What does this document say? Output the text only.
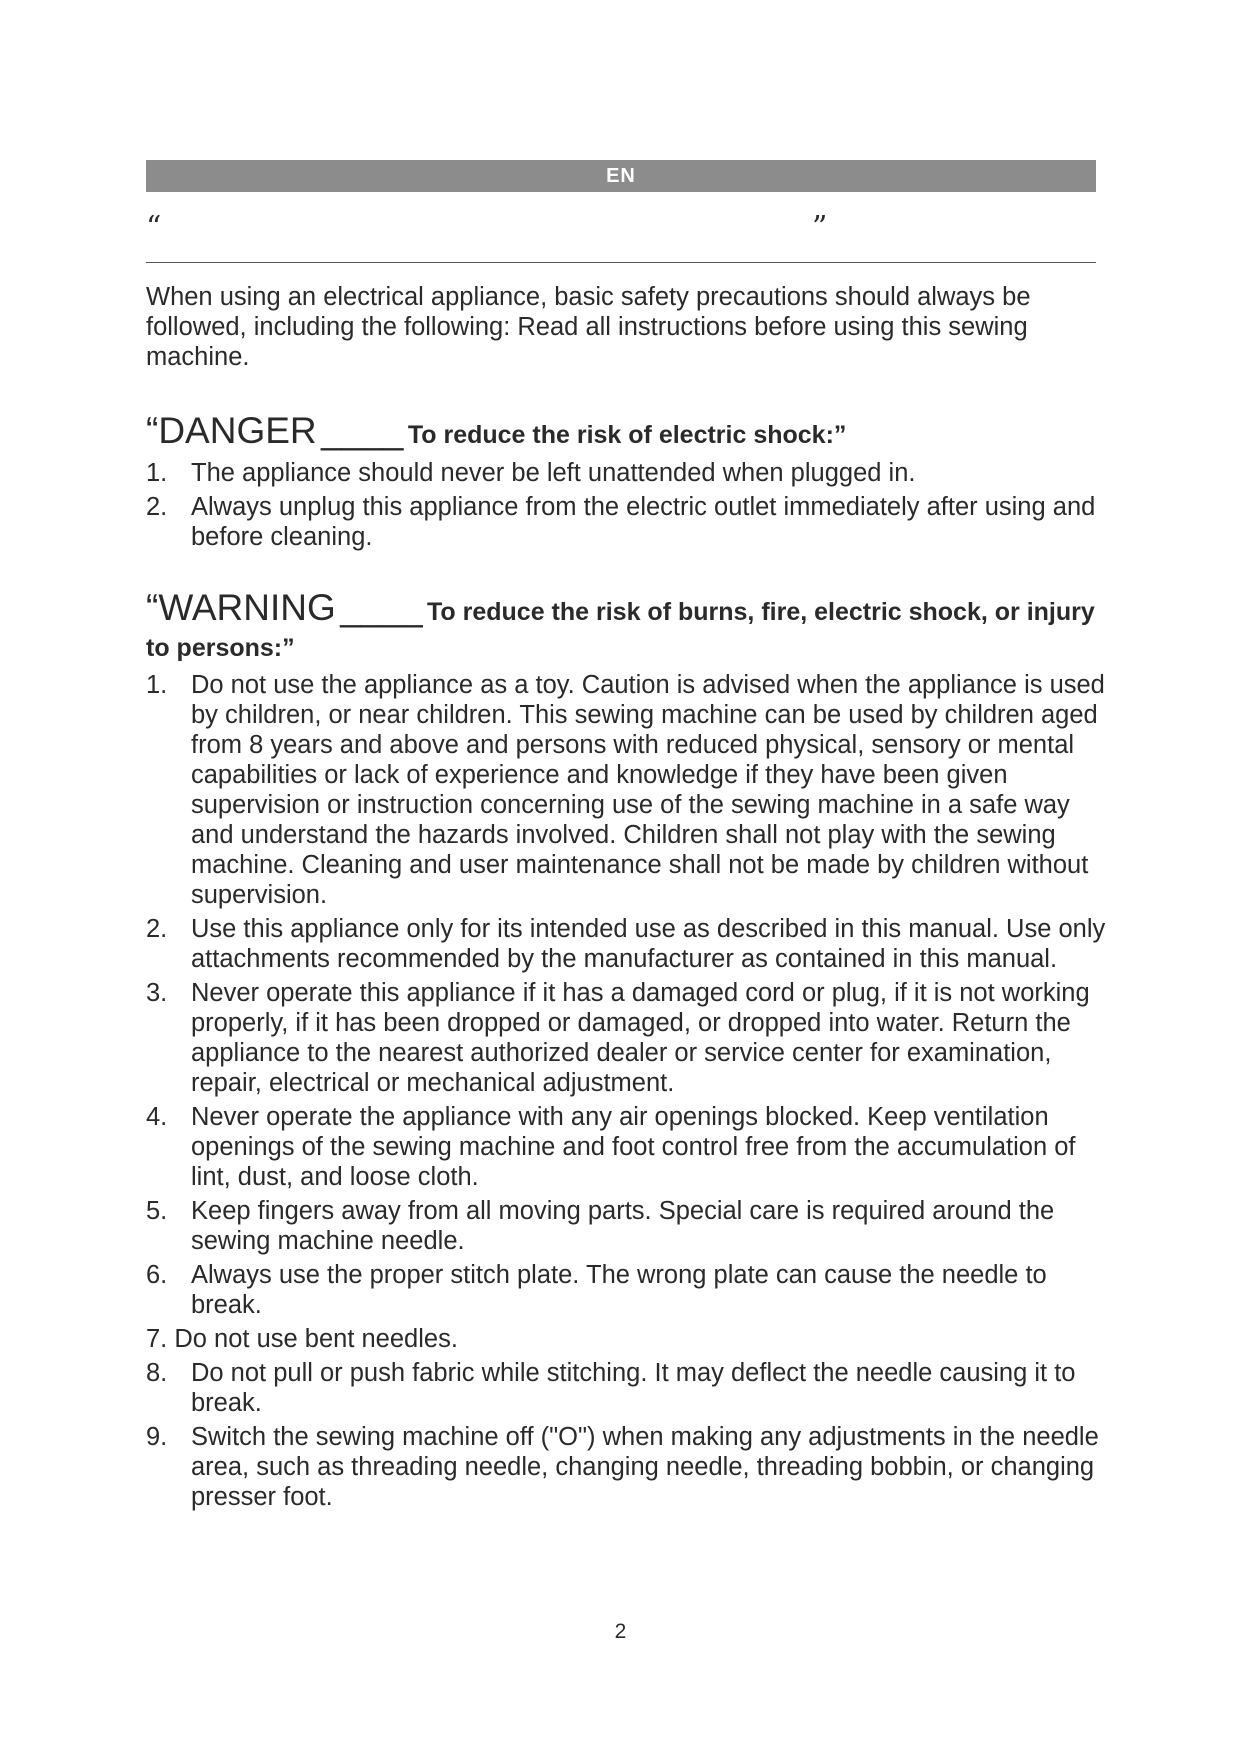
EN
“	”

When using an electrical appliance, basic safety precautions should always be followed, including the following: Read all instructions before using this sewing machine.

“DANGER ____ To reduce the risk of electric shock:”
1. The appliance should never be left unattended when plugged in.
2. Always unplug this appliance from the electric outlet immediately after using and before cleaning.
“WARNING ____ To reduce the risk of burns, fire, electric shock, or injury to persons:”
1. Do not use the appliance as a toy. Caution is advised when the appliance is used by children, or near children. This sewing machine can be used by children aged from 8 years and above and persons with reduced physical, sensory or mental capabilities or lack of experience and knowledge if they have been given supervision or instruction concerning use of the sewing machine in a safe way and understand the hazards involved. Children shall not play with the sewing machine. Cleaning and user maintenance shall not be made by children without supervision.
2. Use this appliance only for its intended use as described in this manual. Use only attachments recommended by the manufacturer as contained in this manual.
3. Never operate this appliance if it has a damaged cord or plug, if it is not working properly, if it has been dropped or damaged, or dropped into water. Return the appliance to the nearest authorized dealer or service center for examination, repair, electrical or mechanical adjustment.
4. Never operate the appliance with any air openings blocked. Keep ventilation openings of the sewing machine and foot control free from the accumulation of lint, dust, and loose cloth.
5. Keep fingers away from all moving parts. Special care is required around the sewing machine needle.
6. Always use the proper stitch plate. The wrong plate can cause the needle to break.
7. Do not use bent needles.
8. Do not pull or push fabric while stitching. It may deflect the needle causing it to break.
9. Switch the sewing machine off ("O") when making any adjustments in the needle area, such as threading needle, changing needle, threading bobbin, or changing presser foot.
2
